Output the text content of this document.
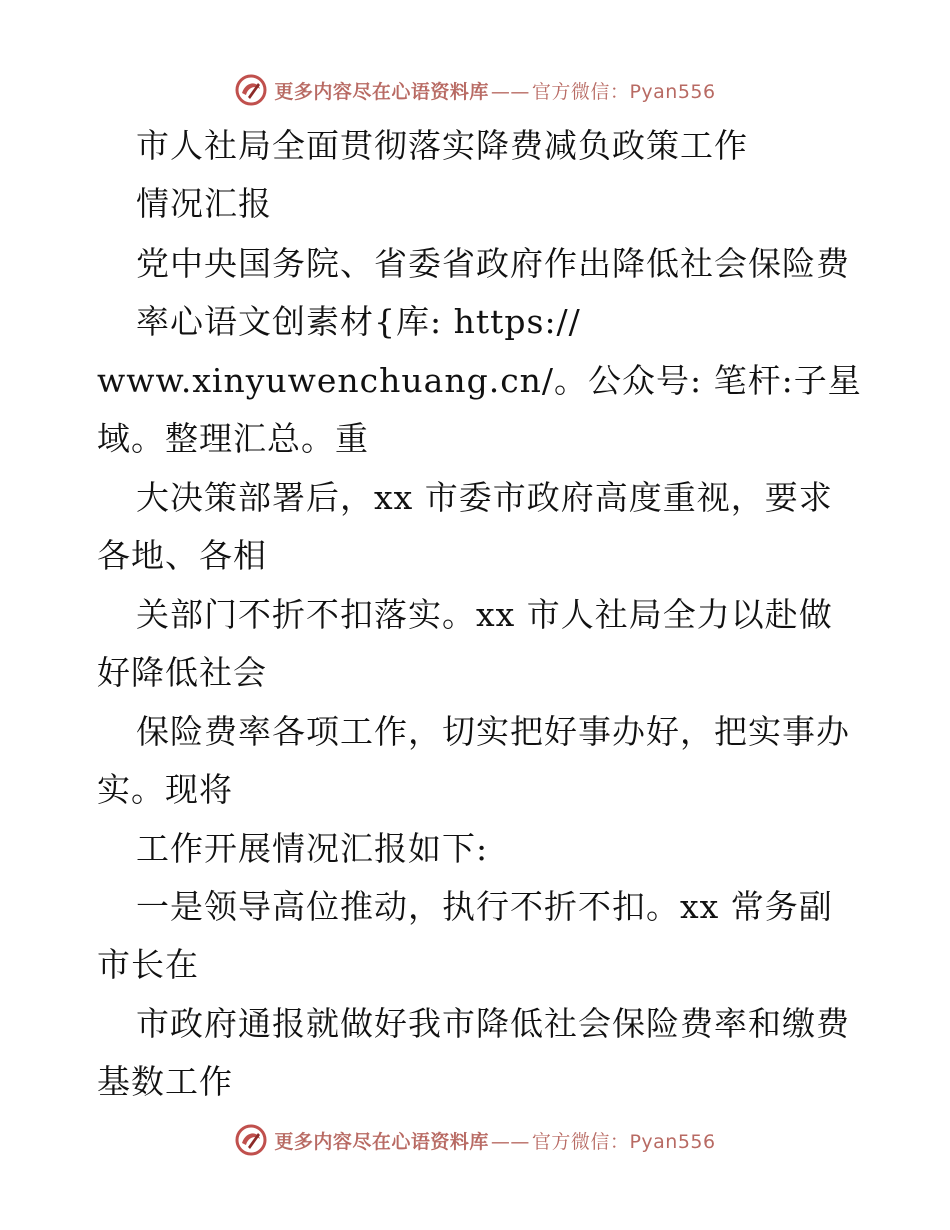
更多内容尽在心语资料库 —— 官方微信：Pyan556
市人社局全面贯彻落实降费减负政策工作
情况汇报
党中央国务院、省委省政府作出降低社会保险费
率心语文创素材{库: https://
www.xinyuwenchuang.cn/。公众号: 笔杆:子星
域。整理汇总。重
大决策部署后，xx 市委市政府高度重视，要求
各地、各相
关部门不折不扣落实。xx 市人社局全力以赴做
好降低社会
保险费率各项工作，切实把好事办好，把实事办
实。现将
工作开展情况汇报如下:
一是领导高位推动，执行不折不扣。xx 常务副
市长在
市政府通报就做好我市降低社会保险费率和缴费
基数工作
更多内容尽在心语资料库 —— 官方微信：Pyan556
